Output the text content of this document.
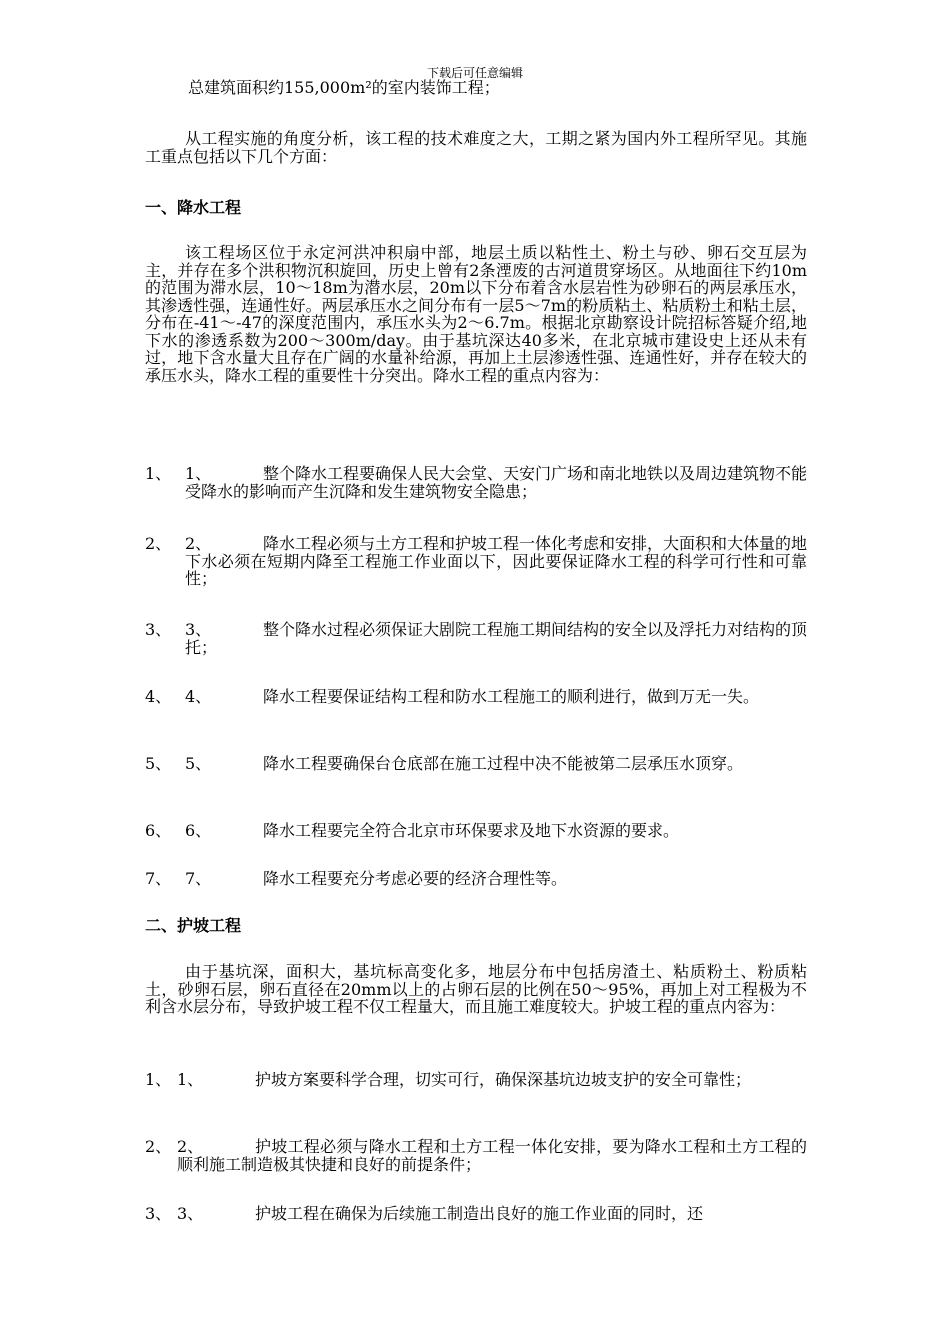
下载后可任意编辑
总建筑面积约155,000m²的室内装饰工程；
从工程实施的角度分析，该工程的技术难度之大，工期之紧为国内外工程所罕见。其施工重点包括以下几个方面：
一、降水工程
该工程场区位于永定河洪冲积扇中部，地层土质以粘性土、粉土与砂、卵石交互层为主，并存在多个洪积物沉积旋回，历史上曾有2条湮废的古河道贯穿场区。从地面往下约10m的范围为滞水层，10～18m为潜水层，20m以下分布着含水层岩性为砂卵石的两层承压水，其渗透性强，连通性好。两层承压水之间分布有一层5～7m的粉质粘土、粘质粉土和粘土层，分布在-41～-47的深度范围内，承压水头为2～6.7m。根据北京勘察设计院招标答疑介绍,地下水的渗透系数为200～300m/day。由于基坑深达40多米，在北京城市建设史上还从未有过，地下含水量大且存在广阔的水量补给源，再加上土层渗透性强、连通性好，并存在较大的承压水头，降水工程的重要性十分突出。降水工程的重点内容为：
1、 1、	整个降水工程要确保人民大会堂、天安门广场和南北地铁以及周边建筑物不能受降水的影响而产生沉降和发生建筑物安全隐患；
2、 2、	降水工程必须与土方工程和护坡工程一体化考虑和安排，大面积和大体量的地下水必须在短期内降至工程施工作业面以下，因此要保证降水工程的科学可行性和可靠性；
3、 3、	整个降水过程必须保证大剧院工程施工期间结构的安全以及浮托力对结构的顶托；
4、 4、	降水工程要保证结构工程和防水工程施工的顺利进行，做到万无一失。
5、 5、	降水工程要确保台仓底部在施工过程中决不能被第二层承压水顶穿。
6、 6、	降水工程要完全符合北京市环保要求及地下水资源的要求。
7、 7、	降水工程要充分考虑必要的经济合理性等。
二、护坡工程
由于基坑深，面积大，基坑标高变化多，地层分布中包括房渣土、粘质粉土、粉质粘土，砂卵石层，卵石直径在20mm以上的占卵石层的比例在50～95%，再加上对工程极为不利含水层分布，导致护坡工程不仅工程量大，而且施工难度较大。护坡工程的重点内容为：
1、 1、	护坡方案要科学合理，切实可行，确保深基坑边坡支护的安全可靠性；
2、 2、	护坡工程必须与降水工程和土方工程一体化安排，要为降水工程和土方工程的顺利施工制造极其快捷和良好的前提条件；
3、 3、	护坡工程在确保为后续施工制造出良好的施工作业面的同时，还
